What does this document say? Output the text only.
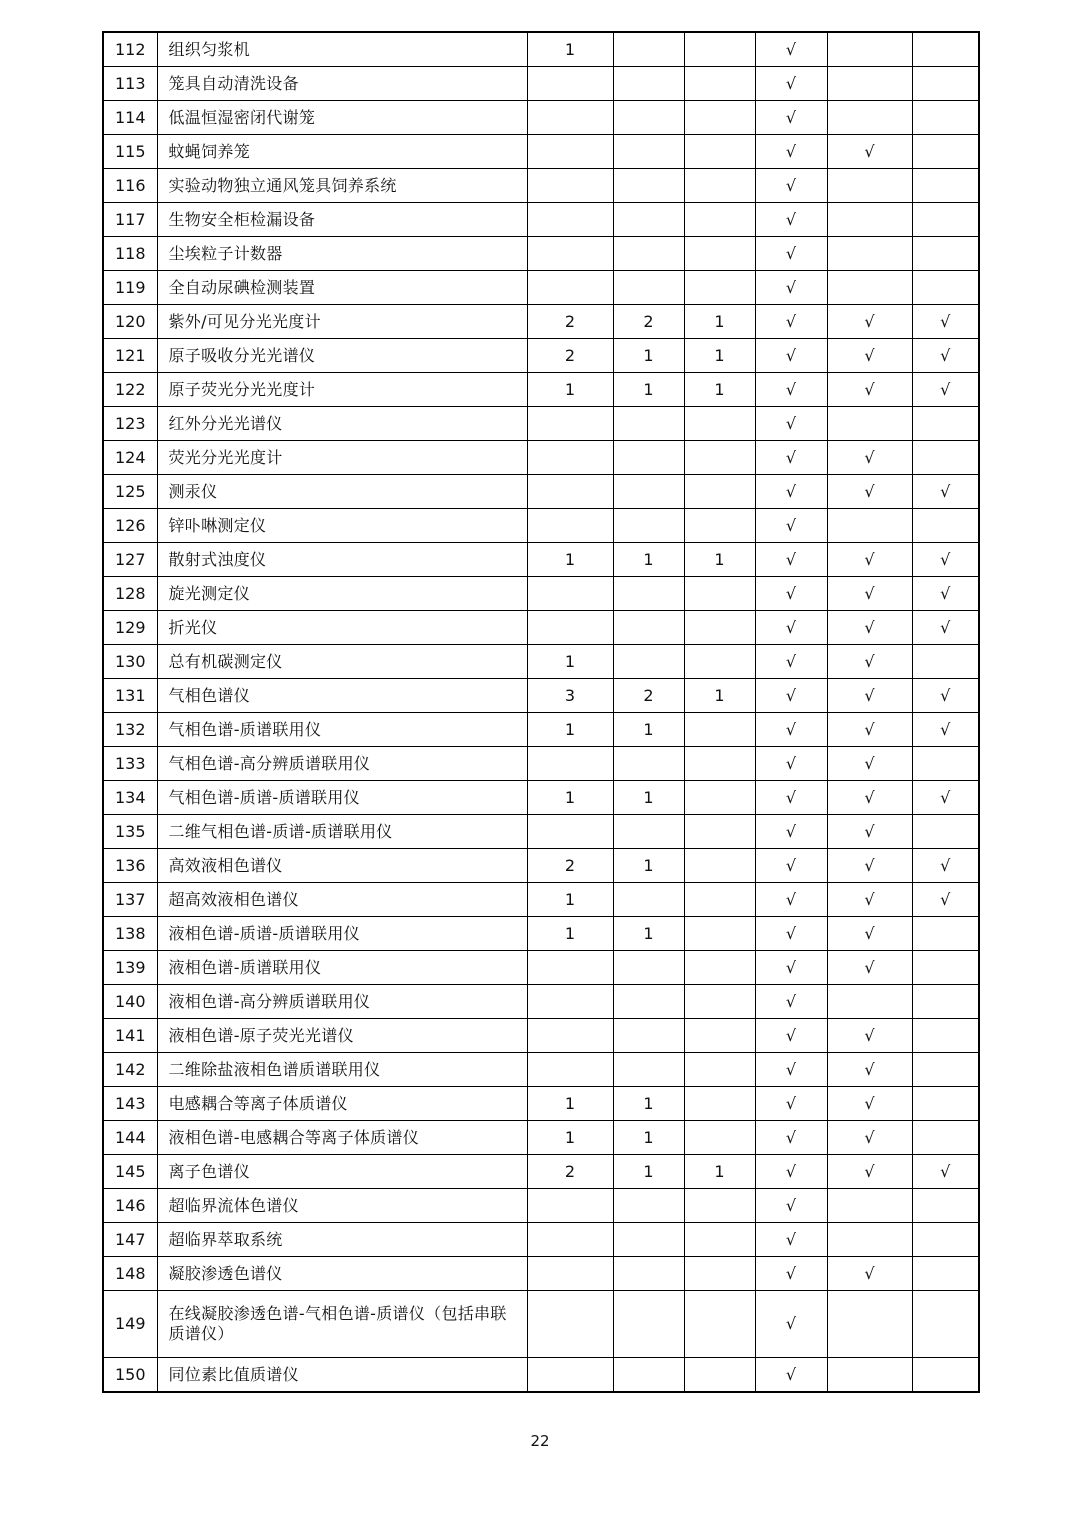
112	组织匀浆机	1			√		
113	笼具自动清洗设备				√		
114	低温恒湿密闭代谢笼				√		
115	蚊蝇饲养笼				√	√	
116	实验动物独立通风笼具饲养系统				√		
117	生物安全柜检漏设备				√		
118	尘埃粒子计数器				√		
119	全自动尿碘检测装置				√		
120	紫外/可见分光光度计	2	2	1	√	√	√
121	原子吸收分光光谱仪	2	1	1	√	√	√
122	原子荧光分光光度计	1	1	1	√	√	√
123	红外分光光谱仪				√		
124	荧光分光光度计				√	√	
125	测汞仪				√	√	√
126	锌卟啉测定仪				√		
127	散射式浊度仪	1	1	1	√	√	√
128	旋光测定仪				√	√	√
129	折光仪				√	√	√
130	总有机碳测定仪	1			√	√	
131	气相色谱仪	3	2	1	√	√	√
132	气相色谱-质谱联用仪	1	1		√	√	√
133	气相色谱-高分辨质谱联用仪				√	√	
134	气相色谱-质谱-质谱联用仪	1	1		√	√	√
135	二维气相色谱-质谱-质谱联用仪				√	√	
136	高效液相色谱仪	2	1		√	√	√
137	超高效液相色谱仪	1			√	√	√
138	液相色谱-质谱-质谱联用仪	1	1		√	√	
139	液相色谱-质谱联用仪				√	√	
140	液相色谱-高分辨质谱联用仪				√		
141	液相色谱-原子荧光光谱仪				√	√	
142	二维除盐液相色谱质谱联用仪				√	√	
143	电感耦合等离子体质谱仪	1	1		√	√	
144	液相色谱-电感耦合等离子体质谱仪	1	1		√	√	
145	离子色谱仪	2	1	1	√	√	√
146	超临界流体色谱仪				√		
147	超临界萃取系统				√		
148	凝胶渗透色谱仪				√	√	
149	在线凝胶渗透色谱-气相色谱-质谱仪（包括串联质谱仪）				√		
150	同位素比值质谱仪				√		
22
